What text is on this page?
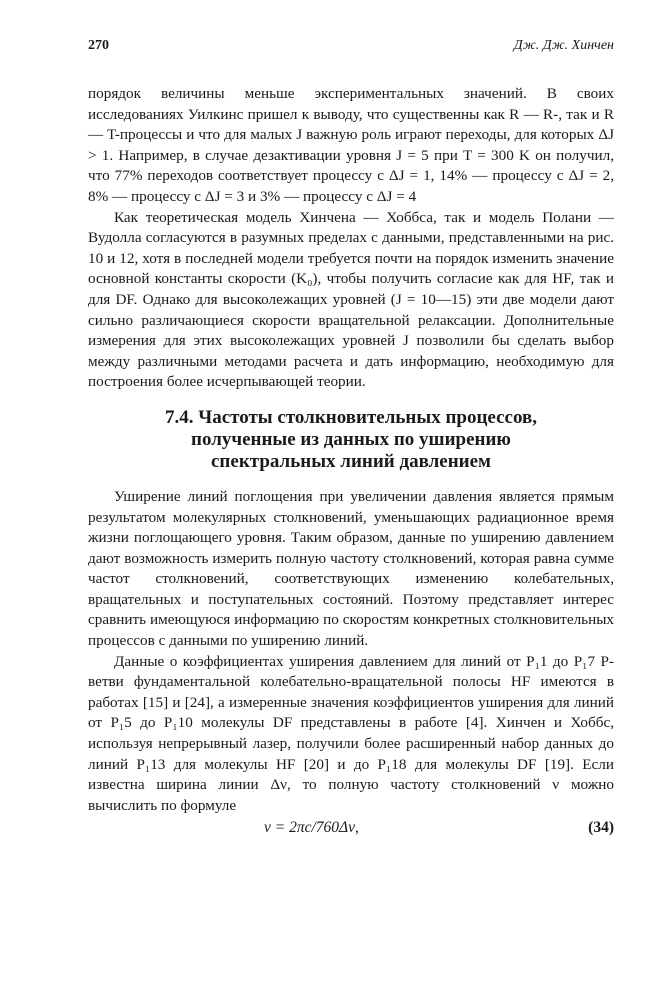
270	Дж. Дж. Хинчен

порядок величины меньше экспериментальных значений. В своих исследованиях Уилкинс пришел к выводу, что существенны как R — R-, так и R — T-процессы и что для малых J важную роль играют переходы, для которых ΔJ > 1. Например, в случае дезактивации уровня J = 5 при T = 300 K он получил, что 77% переходов соответствует процессу с ΔJ = 1, 14% — процессу с ΔJ = 2, 8% — процессу с ΔJ = 3 и 3% — процессу с ΔJ = 4

Как теоретическая модель Хинчена — Хоббса, так и модель Полани — Вудолла согласуются в разумных пределах с данными, представленными на рис. 10 и 12, хотя в последней модели требуется почти на порядок изменить значение основной константы скорости (K₀), чтобы получить согласие как для HF, так и для DF. Однако для высоколежащих уровней (J = 10—15) эти две модели дают сильно различающиеся скорости вращательной релаксации. Дополнительные измерения для этих высоколежащих уровней J позволили бы сделать выбор между различными методами расчета и дать информацию, необходимую для построения более исчерпывающей теории.

7.4. Частоты столкновительных процессов,
полученные из данных по уширению
спектральных линий давлением

Уширение линий поглощения при увеличении давления является прямым результатом молекулярных столкновений, уменьшающих радиационное время жизни поглощающего уровня. Таким образом, данные по уширению давлением дают возможность измерить полную частоту столкновений, которая равна сумме частот столкновений, соответствующих изменению колебательных, вращательных и поступательных состояний. Поэтому представляет интерес сравнить имеющуюся информацию по скоростям конкретных столкновительных процессов с данными по уширению линий.

Данные о коэффициентах уширения давлением для линий от P₁1 до P₁7 P-ветви фундаментальной колебательно-вращательной полосы HF имеются в работах [15] и [24], а измеренные значения коэффициентов уширения для линий от P₁5 до P₁10 молекулы DF представлены в работе [4]. Хинчен и Хоббс, используя непрерывный лазер, получили более расширенный набор данных до линий P₁13 для молекулы HF [20] и до P₁18 для молекулы DF [19]. Если известна ширина линии Δν, то полную частоту столкновений ν можно вычислить по формуле

ν = 2πc/760Δν,	(34)
